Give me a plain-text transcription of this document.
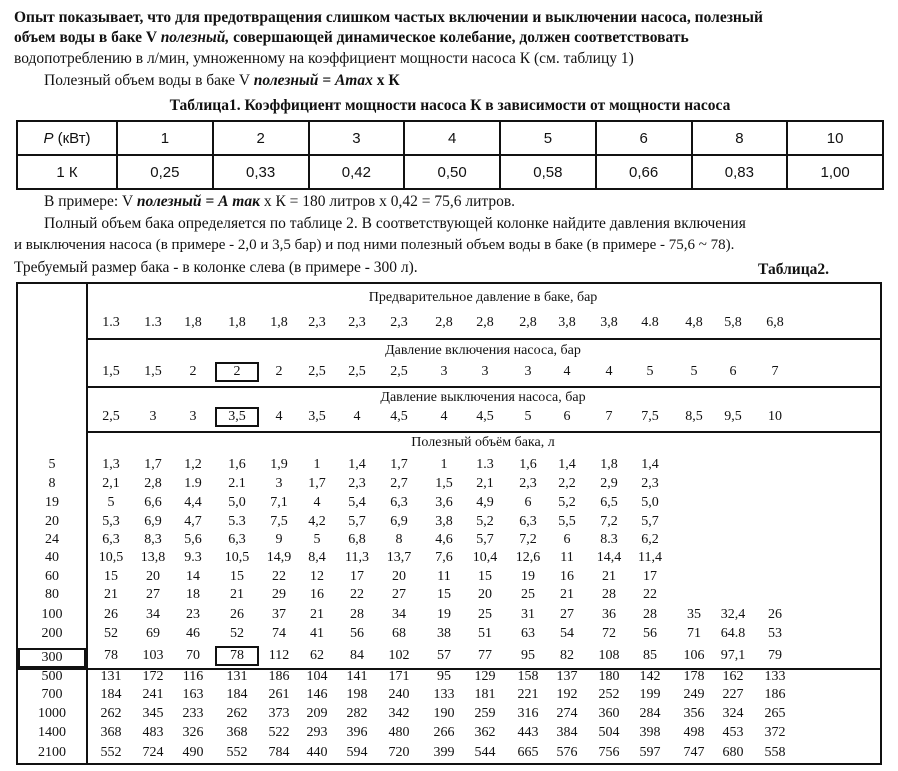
Опыт показывает, что для предотвращения слишком частых включении и выключении насоса, полезный
объем воды в баке V полезный, совершающей динамическое колебание, должен соответствовать
водопотреблению в л/мин, умноженному на коэффициент мощности насоса К (см. таблицу 1)
Полезный объем воды в баке V полезный = Amax x К
Таблица1. Коэффициент мощности насоса К в зависимости от мощности насоса
P (кВт)	1	2	3	4	5	6	8	10
1 К	0,25	0,33	0,42	0,50	0,58	0,66	0,83	1,00
В примере: V полезный = А так x К = 180 литров x 0,42 = 75,6 литров.
Полный объем бака определяется по таблице 2. В соответствующей колонке найдите давления включения
и выключения насоса (в примере - 2,0 и 3,5 бар) и под ними полезный объем воды в баке (в примере - 75,6 ~ 78).
Требуемый размер бака - в колонке слева (в примере - 300 л).	Таблица2.
Предварительное давление в баке, бар
1.3	1.3	1,8	1,8	1,8	2,3	2,3	2,3	2,8	2,8	2,8	3,8	3,8	4.8	4,8	5,8	6,8
Давление включения насоса, бар
1,5	1,5	2	2	2	2,5	2,5	2,5	3	3	3	4	4	5	5	6	7
Давление выключения насоса, бар
2,5	3	3	3,5	4	3,5	4	4,5	4	4,5	5	6	7	7,5	8,5	9,5	10
Полезный объём бака, л
5	1,3	1,7	1,2	1,6	1,9	1	1,4	1,7	1	1.3	1,6	1,4	1,8	1,4
8	2,1	2,8	1.9	2.1	3	1,7	2,3	2,7	1,5	2,1	2,3	2,2	2,9	2,3
19	5	6,6	4,4	5,0	7,1	4	5,4	6,3	3,6	4,9	6	5,2	6,5	5,0
20	5,3	6,9	4,7	5.3	7,5	4,2	5,7	6,9	3,8	5,2	6,3	5,5	7,2	5,7
24	6,3	8,3	5,6	6,3	9	5	6,8	8	4,6	5,7	7,2	6	8.3	6,2
40	10,5	13,8	9.3	10,5	14,9	8,4	11,3	13,7	7,6	10,4	12,6	11	14,4	11,4
60	15	20	14	15	22	12	17	20	11	15	19	16	21	17
80	21	27	18	21	29	16	22	27	15	20	25	21	28	22
100	26	34	23	26	37	21	28	34	19	25	31	27	36	28	35	32,4	26
200	52	69	46	52	74	41	56	68	38	51	63	54	72	56	71	64.8	53
300	78	103	70	78	112	62	84	102	57	77	95	82	108	85	106	97,1	79
500	131	172	116	131	186	104	141	171	95	129	158	137	180	142	178	162	133
700	184	241	163	184	261	146	198	240	133	181	221	192	252	199	249	227	186
1000	262	345	233	262	373	209	282	342	190	259	316	274	360	284	356	324	265
1400	368	483	326	368	522	293	396	480	266	362	443	384	504	398	498	453	372
2100	552	724	490	552	784	440	594	720	399	544	665	576	756	597	747	680	558
